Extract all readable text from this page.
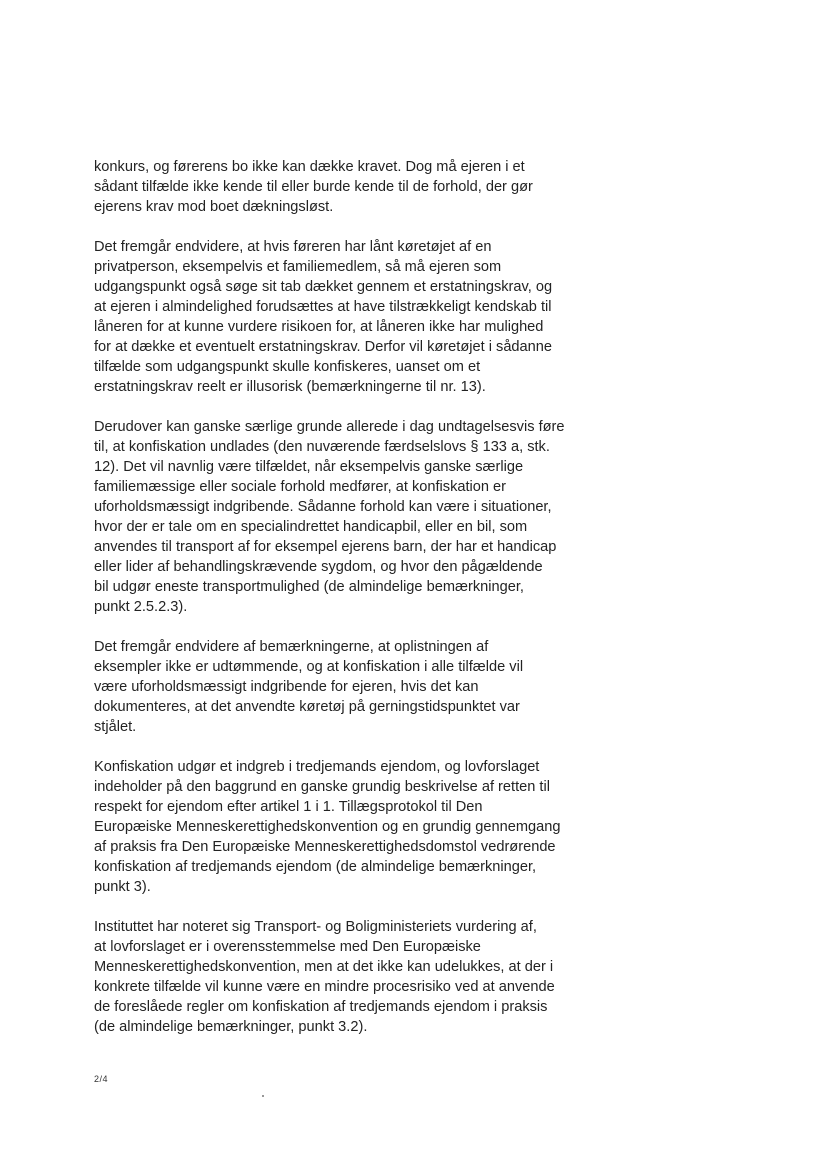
konkurs, og førerens bo ikke kan dække kravet. Dog må ejeren i et
sådant tilfælde ikke kende til eller burde kende til de forhold, der gør
ejerens krav mod boet dækningsløst.

Det fremgår endvidere, at hvis føreren har lånt køretøjet af en
privatperson, eksempelvis et familiemedlem, så må ejeren som
udgangspunkt også søge sit tab dækket gennem et erstatningskrav, og
at ejeren i almindelighed forudsættes at have tilstrækkeligt kendskab til
låneren for at kunne vurdere risikoen for, at låneren ikke har mulighed
for at dække et eventuelt erstatningskrav. Derfor vil køretøjet i sådanne
tilfælde som udgangspunkt skulle konfiskeres, uanset om et
erstatningskrav reelt er illusorisk (bemærkningerne til nr. 13).

Derudover kan ganske særlige grunde allerede i dag undtagelsesvis føre
til, at konfiskation undlades (den nuværende færdselslovs § 133 a, stk.
12). Det vil navnlig være tilfældet, når eksempelvis ganske særlige
familiemæssige eller sociale forhold medfører, at konfiskation er
uforholdsmæssigt indgribende. Sådanne forhold kan være i situationer,
hvor der er tale om en specialindrettet handicapbil, eller en bil, som
anvendes til transport af for eksempel ejerens barn, der har et handicap
eller lider af behandlingskrævende sygdom, og hvor den pågældende
bil udgør eneste transportmulighed (de almindelige bemærkninger,
punkt 2.5.2.3).

Det fremgår endvidere af bemærkningerne, at oplistningen af
eksempler ikke er udtømmende, og at konfiskation i alle tilfælde vil
være uforholdsmæssigt indgribende for ejeren, hvis det kan
dokumenteres, at det anvendte køretøj på gerningstidspunktet var
stjålet.

Konfiskation udgør et indgreb i tredjemands ejendom, og lovforslaget
indeholder på den baggrund en ganske grundig beskrivelse af retten til
respekt for ejendom efter artikel 1 i 1. Tillægsprotokol til Den
Europæiske Menneskerettighedskonvention og en grundig gennemgang
af praksis fra Den Europæiske Menneskerettighedsdomstol vedrørende
konfiskation af tredjemands ejendom (de almindelige bemærkninger,
punkt 3).

Instituttet har noteret sig Transport- og Boligministeriets vurdering af,
at lovforslaget er i overensstemmelse med Den Europæiske
Menneskerettighedskonvention, men at det ikke kan udelukkes, at der i
konkrete tilfælde vil kunne være en mindre procesrisiko ved at anvende
de foreslåede regler om konfiskation af tredjemands ejendom i praksis
(de almindelige bemærkninger, punkt 3.2).

2/4
